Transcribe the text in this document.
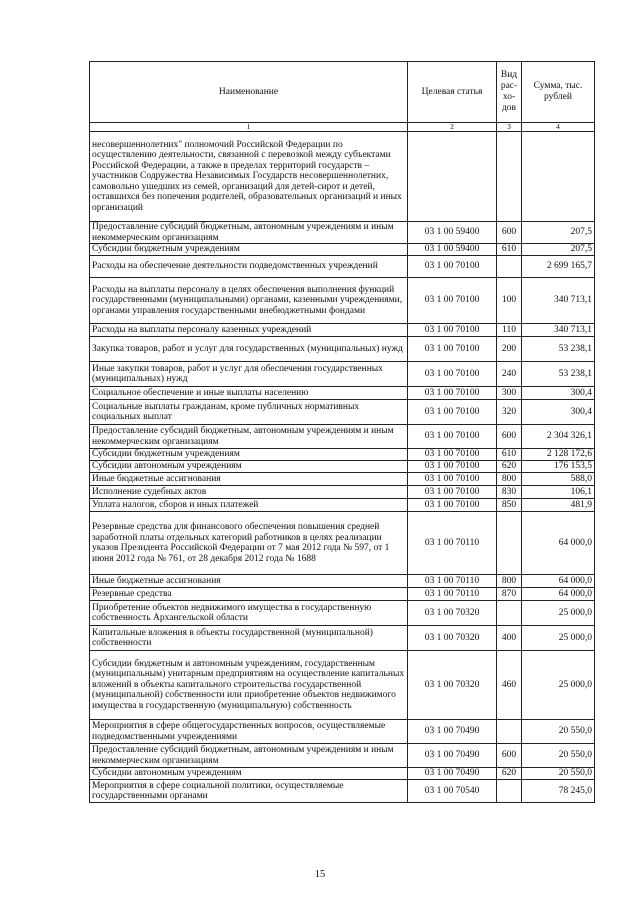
Наименование	Целевая статья	Вид рас-хо-дов	Сумма, тыс. рублей
1	2	3	4
несовершеннолетних" полномочий Российской Федерации по осуществлению деятельности, связанной с перевозкой между субъектами Российской Федерации, а также в пределах территорий государств – участников Содружества Независимых Государств несовершеннолетних, самовольно ушедших из семей, организаций для детей-сирот и детей, оставшихся без попечения родителей, образовательных организаций и иных организаций			
Предоставление субсидий бюджетным, автономным учреждениям и иным некоммерческим организациям	03 1 00 59400	600	207,5
Субсидии бюджетным учреждениям	03 1 00 59400	610	207,5
Расходы на обеспечение деятельности подведомственных учреждений	03 1 00 70100		2 699 165,7
Расходы на выплаты персоналу в целях обеспечения выполнения функций государственными (муниципальными) органами, казенными учреждениями, органами управления государственными внебюджетными фондами	03 1 00 70100	100	340 713,1
Расходы на выплаты персоналу казенных учреждений	03 1 00 70100	110	340 713,1
Закупка товаров, работ и услуг для государственных (муниципальных) нужд	03 1 00 70100	200	53 238,1
Иные закупки товаров, работ и услуг для обеспечения государственных (муниципальных) нужд	03 1 00 70100	240	53 238,1
Социальное обеспечение и иные выплаты населению	03 1 00 70100	300	300,4
Социальные выплаты гражданам, кроме публичных нормативных социальных выплат	03 1 00 70100	320	300,4
Предоставление субсидий бюджетным, автономным учреждениям и иным некоммерческим организациям	03 1 00 70100	600	2 304 326,1
Субсидии бюджетным учреждениям	03 1 00 70100	610	2 128 172,6
Субсидии автономным учреждениям	03 1 00 70100	620	176 153,5
Иные бюджетные ассигнования	03 1 00 70100	800	588,0
Исполнение судебных актов	03 1 00 70100	830	106,1
Уплата налогов, сборов и иных платежей	03 1 00 70100	850	481,9
Резервные средства для финансового обеспечения повышения средней заработной платы отдельных категорий работников в целях реализации указов Президента Российской Федерации от 7 мая 2012 года № 597, от 1 июня 2012 года № 761, от 28 декабря 2012 года № 1688	03 1 00 70110		64 000,0
Иные бюджетные ассигнования	03 1 00 70110	800	64 000,0
Резервные средства	03 1 00 70110	870	64 000,0
Приобретение объектов недвижимого имущества в государственную собственность Архангельской области	03 1 00 70320		25 000,0
Капитальные вложения в объекты государственной (муниципальной) собственности	03 1 00 70320	400	25 000,0
Субсидии бюджетным и автономным учреждениям, государственным (муниципальным) унитарным предприятиям на осуществление капитальных вложений в объекты капитального строительства государственной (муниципальной) собственности или приобретение объектов недвижимого имущества в государственную (муниципальную) собственность	03 1 00 70320	460	25 000,0
Мероприятия в сфере общегосударственных вопросов, осуществляемые подведомственными учреждениями	03 1 00 70490		20 550,0
Предоставление субсидий бюджетным, автономным учреждениям и иным некоммерческим организациям	03 1 00 70490	600	20 550,0
Субсидии автономным учреждениям	03 1 00 70490	620	20 550,0
Мероприятия в сфере социальной политики, осуществляемые государственными органами	03 1 00 70540		78 245,0
15
